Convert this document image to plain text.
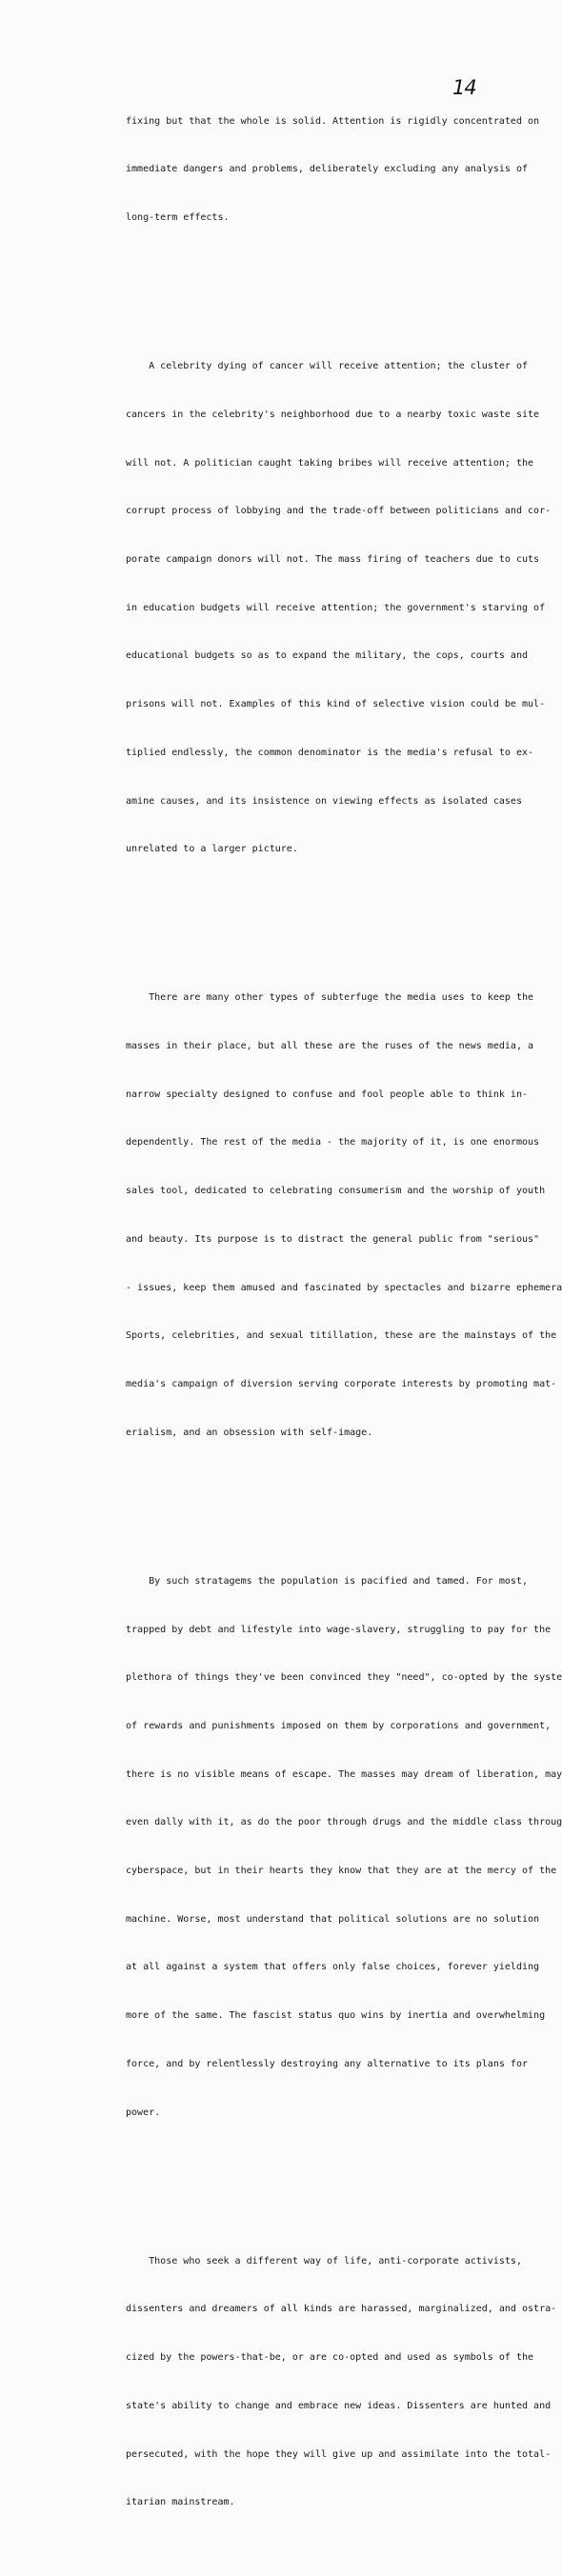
14

fixing but that the whole is solid. Attention is rigidly concentrated on

immediate dangers and problems, deliberately excluding any analysis of

long-term effects.

A celebrity dying of cancer will receive attention; the cluster of

cancers in the celebrity's neighborhood due to a nearby toxic waste site

will not. A politician caught taking bribes will receive attention; the

corrupt process of lobbying and the trade-off between politicians and cor-

porate campaign donors will not. The mass firing of teachers due to cuts

in education budgets will receive attention; the government's starving of

educational budgets so as to expand the military, the cops, courts and

prisons will not. Examples of this kind of selective vision could be mul-

tiplied endlessly, the common denominator is the media's refusal to ex-

amine causes, and its insistence on viewing effects as isolated cases

unrelated to a larger picture.

There are many other types of subterfuge the media uses to keep the

masses in their place, but all these are the ruses of the news media, a

narrow specialty designed to confuse and fool people able to think in-

dependently. The rest of the media - the majority of it, is one enormous

sales tool, dedicated to celebrating consumerism and the worship of youth

and beauty. Its purpose is to distract the general public from "serious"

- issues, keep them amused and fascinated by spectacles and bizarre ephemera

Sports, celebrities, and sexual titillation, these are the mainstays of the

media's campaign of diversion serving corporate interests by promoting mat-

erialism, and an obsession with self-image.

By such stratagems the population is pacified and tamed. For most,

trapped by debt and lifestyle into wage-slavery, struggling to pay for the

plethora of things they've been convinced they "need", co-opted by the syste

of rewards and punishments imposed on them by corporations and government,

there is no visible means of escape. The masses may dream of liberation, may

even dally with it, as do the poor through drugs and the middle class throug

cyberspace, but in their hearts they know that they are at the mercy of the

machine. Worse, most understand that political solutions are no solution

at all against a system that offers only false choices, forever yielding

more of the same. The fascist status quo wins by inertia and overwhelming

force, and by relentlessly destroying any alternative to its plans for

power.

Those who seek a different way of life, anti-corporate activists,

dissenters and dreamers of all kinds are harassed, marginalized, and ostra-

cized by the powers-that-be, or are co-opted and used as symbols of the

state's ability to change and embrace new ideas. Dissenters are hunted and

persecuted, with the hope they will give up and assimilate into the total-

itarian mainstream.
